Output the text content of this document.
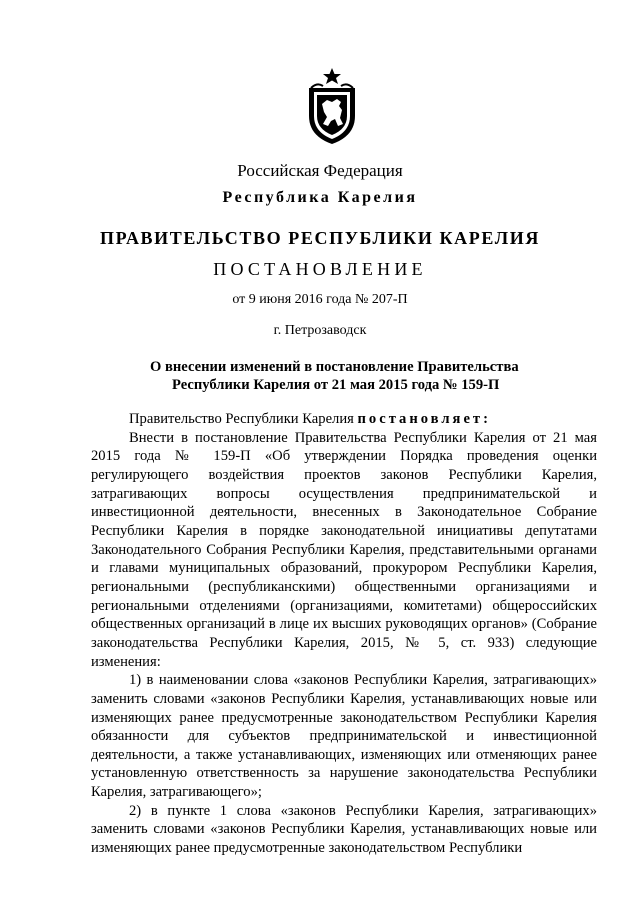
Российская Федерация
Республика Карелия
ПРАВИТЕЛЬСТВО РЕСПУБЛИКИ КАРЕЛИЯ
ПОСТАНОВЛЕНИЕ
от 9 июня 2016 года № 207-П
г. Петрозаводск
О внесении изменений в постановление Правительства
Республики Карелия от 21 мая 2015 года № 159-П

Правительство Республики Карелия постановляет:

Внести в постановление Правительства Республики Карелия от 21 мая 2015 года № 159-П «Об утверждении Порядка проведения оценки регулирующего воздействия проектов законов Республики Карелия, затрагивающих вопросы осуществления предпринимательской и инвестиционной деятельности, внесенных в Законодательное Собрание Республики Карелия в порядке законодательной инициативы депутатами Законодательного Собрания Республики Карелия, представительными органами и главами муниципальных образований, прокурором Республики Карелия, региональными (республиканскими) общественными организациями и региональными отделениями (организациями, комитетами) общероссийских общественных организаций в лице их высших руководящих органов» (Собрание законодательства Республики Карелия, 2015, № 5, ст. 933) следующие изменения:

1) в наименовании слова «законов Республики Карелия, затрагивающих» заменить словами «законов Республики Карелия, устанавливающих новые или изменяющих ранее предусмотренные законодательством Республики Карелия обязанности для субъектов предпринимательской и инвестиционной деятельности, а также устанавливающих, изменяющих или отменяющих ранее установленную ответственность за нарушение законодательства Республики Карелия, затрагивающего»;

2) в пункте 1 слова «законов Республики Карелия, затрагивающих» заменить словами «законов Республики Карелия, устанавливающих новые или изменяющих ранее предусмотренные законодательством Республики
